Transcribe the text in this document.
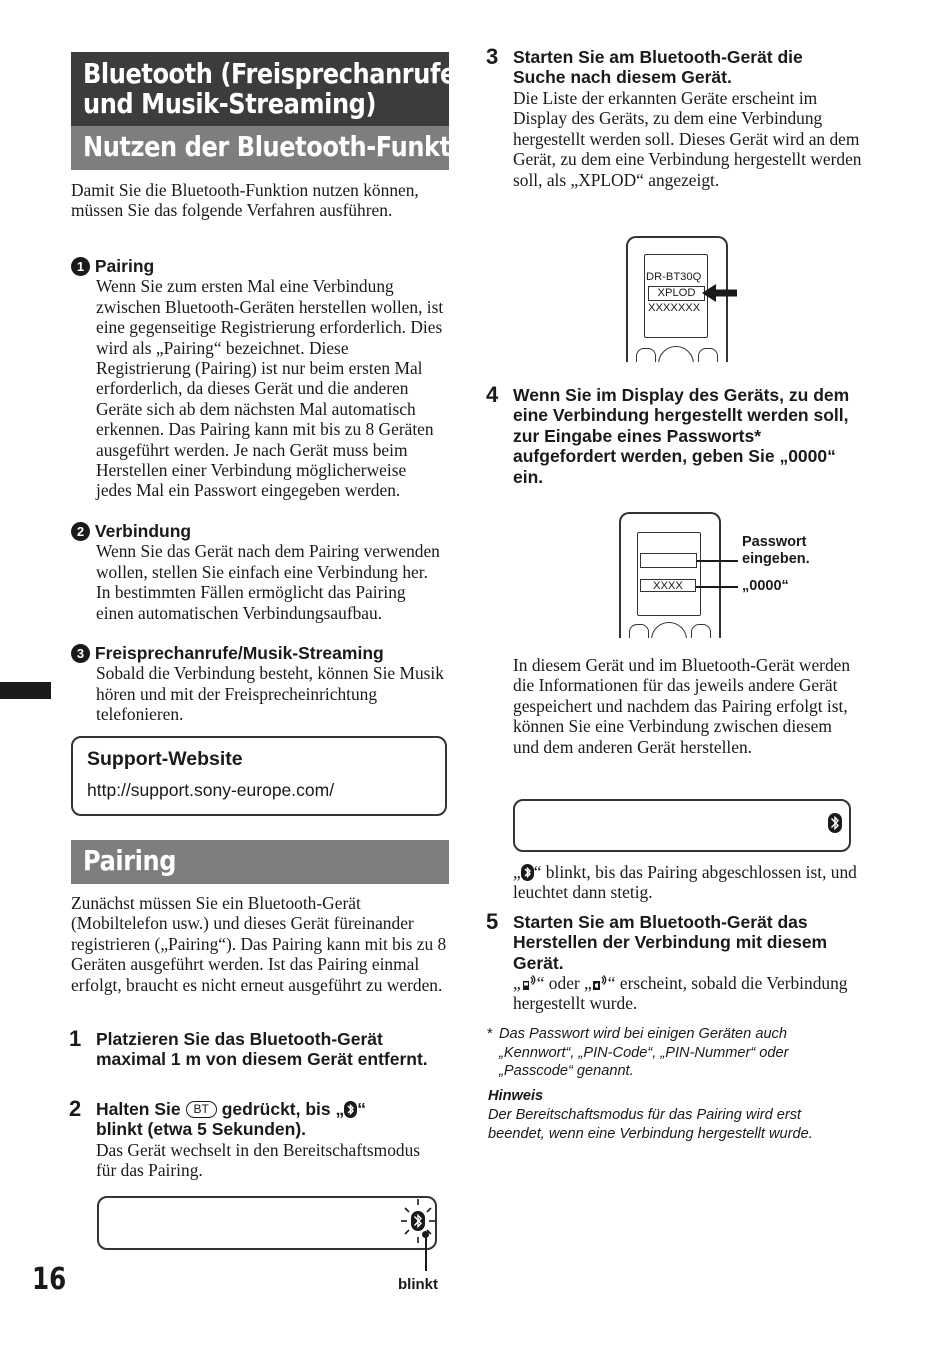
Bluetooth (Freisprechanrufe
und Musik-Streaming)
Nutzen der Bluetooth-Funktion

Damit Sie die Bluetooth-Funktion nutzen können, müssen Sie das folgende Verfahren ausführen.

1 Pairing

Wenn Sie zum ersten Mal eine Verbindung zwischen Bluetooth-Geräten herstellen wollen, ist eine gegenseitige Registrierung erforderlich. Dies wird als „Pairing“ bezeichnet. Diese Registrierung (Pairing) ist nur beim ersten Mal erforderlich, da dieses Gerät und die anderen Geräte sich ab dem nächsten Mal automatisch erkennen. Das Pairing kann mit bis zu 8 Geräten ausgeführt werden. Je nach Gerät muss beim Herstellen einer Verbindung möglicherweise jedes Mal ein Passwort eingegeben werden.

2 Verbindung

Wenn Sie das Gerät nach dem Pairing verwenden wollen, stellen Sie einfach eine Verbindung her. In bestimmten Fällen ermöglicht das Pairing einen automatischen Verbindungsaufbau.

3 Freisprechanrufe/Musik-Streaming

Sobald die Verbindung besteht, können Sie Musik hören und mit der Freisprecheinrichtung telefonieren.

Support-Website
http://support.sony-europe.com/
Pairing

Zunächst müssen Sie ein Bluetooth-Gerät (Mobiltelefon usw.) und dieses Gerät füreinander registrieren („Pairing“). Das Pairing kann mit bis zu 8 Geräten ausgeführt werden. Ist das Pairing einmal erfolgt, braucht es nicht erneut ausgeführt zu werden.

1 Platzieren Sie das Bluetooth-Gerät maximal 1 m von diesem Gerät entfernt.

2 Halten Sie BT gedrückt, bis „ “
blinkt (etwa 5 Sekunden).

Das Gerät wechselt in den Bereitschaftsmodus für das Pairing.

blinkt
16
3 Starten Sie am Bluetooth-Gerät die Suche nach diesem Gerät.

Die Liste der erkannten Geräte erscheint im Display des Geräts, zu dem eine Verbindung hergestellt werden soll. Dieses Gerät wird an dem Gerät, zu dem eine Verbindung hergestellt werden soll, als „XPLOD“ angezeigt.

DR-BT30Q
XPLOD
XXXXXXX
4 Wenn Sie im Display des Geräts, zu dem eine Verbindung hergestellt werden soll, zur Eingabe eines Passworts* aufgefordert werden, geben Sie „0000“ ein.

XXXX
Passwort eingeben.
„0000“

In diesem Gerät und im Bluetooth-Gerät werden die Informationen für das jeweils andere Gerät gespeichert und nachdem das Pairing erfolgt ist, können Sie eine Verbindung zwischen diesem und dem anderen Gerät herstellen.

„ “ blinkt, bis das Pairing abgeschlossen ist, und leuchtet dann stetig.

5 Starten Sie am Bluetooth-Gerät das Herstellen der Verbindung mit diesem Gerät.

„ “ oder „ “ erscheint, sobald die Verbindung hergestellt wurde.

* Das Passwort wird bei einigen Geräten auch „Kennwort“, „PIN-Code“, „PIN-Nummer“ oder „Passcode“ genannt.

Hinweis

Der Bereitschaftsmodus für das Pairing wird erst beendet, wenn eine Verbindung hergestellt wurde.
